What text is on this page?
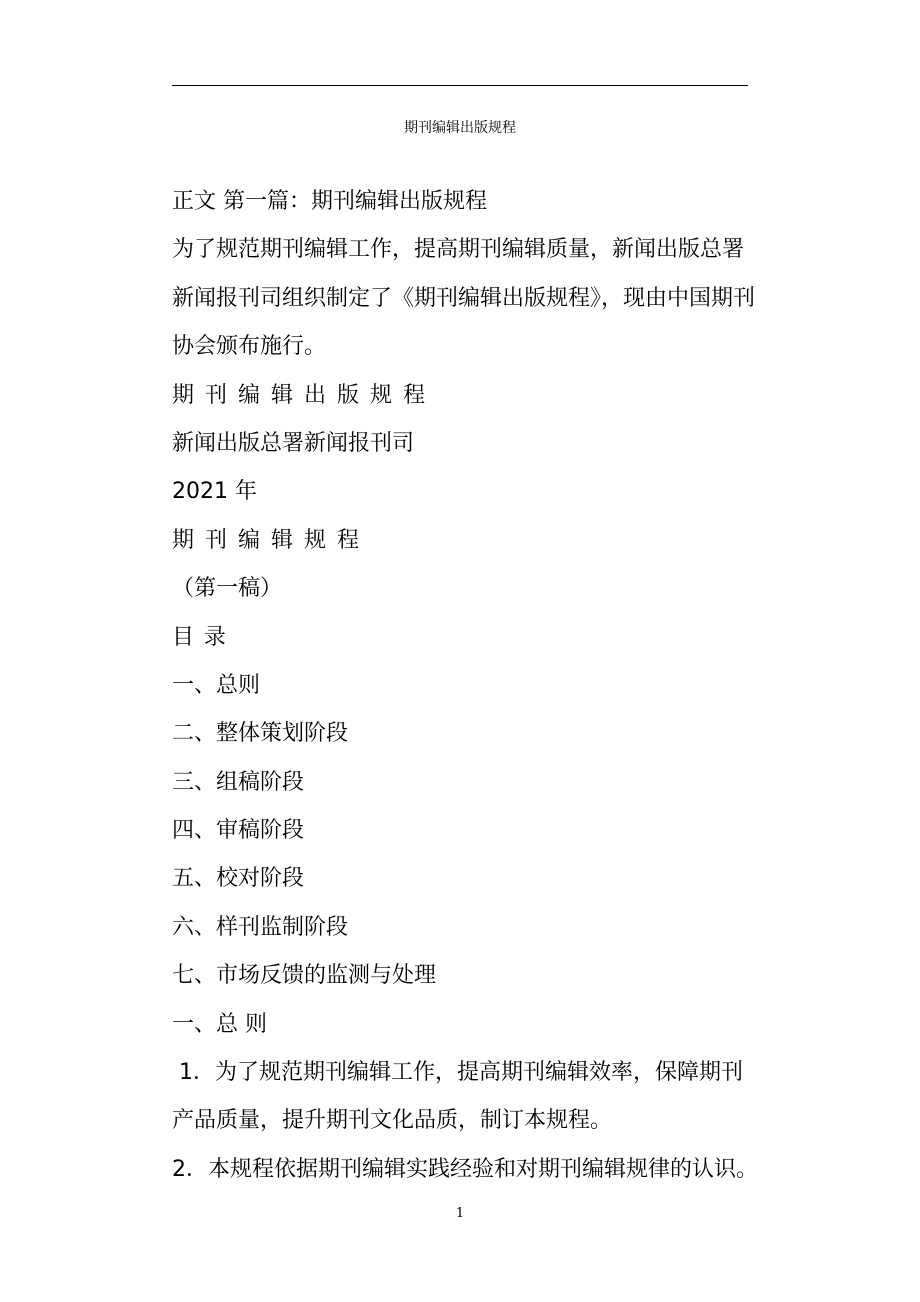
期刊编辑出版规程
正文 第一篇：期刊编辑出版规程
为了规范期刊编辑工作，提高期刊编辑质量，新闻出版总署
新闻报刊司组织制定了《期刊编辑出版规程》，现由中国期刊
协会颁布施行。
期刊编辑出版规程
新闻出版总署新闻报刊司
2021 年
期刊编辑规程
（第一稿）
目录
一、总则
二、整体策划阶段
三、组稿阶段
四、审稿阶段
五、校对阶段
六、样刊监制阶段
七、市场反馈的监测与处理
一、总 则
1．为了规范期刊编辑工作，提高期刊编辑效率，保障期刊
产品质量，提升期刊文化品质，制订本规程。
2．本规程依据期刊编辑实践经验和对期刊编辑规律的认识。
1
